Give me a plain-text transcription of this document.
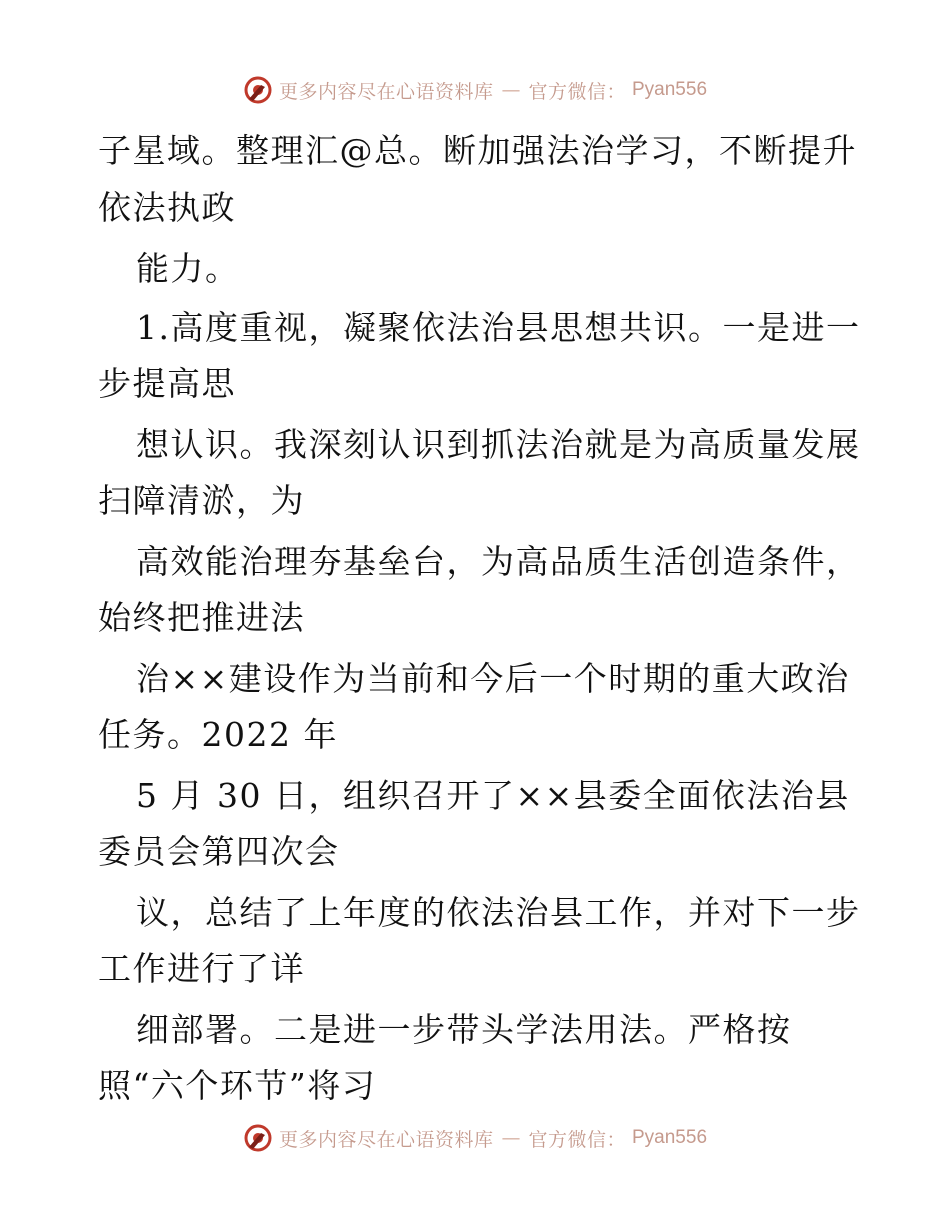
更多内容尽在心语资料库 — 官方微信： Pyan556
子星域。整理汇@总。断加强法治学习，不断提升
依法执政
能力。
1.高度重视，凝聚依法治县思想共识。一是进一
步提高思
想认识。我深刻认识到抓法治就是为高质量发展
扫障清淤，为
高效能治理夯基垒台，为高品质生活创造条件，
始终把推进法
治××建设作为当前和今后一个时期的重大政治
任务。2022 年
5 月 30 日，组织召开了××县委全面依法治县
委员会第四次会
议，总结了上年度的依法治县工作，并对下一步
工作进行了详
细部署。二是进一步带头学法用法。严格按
照“六个环节”将习
更多内容尽在心语资料库 — 官方微信： Pyan556
